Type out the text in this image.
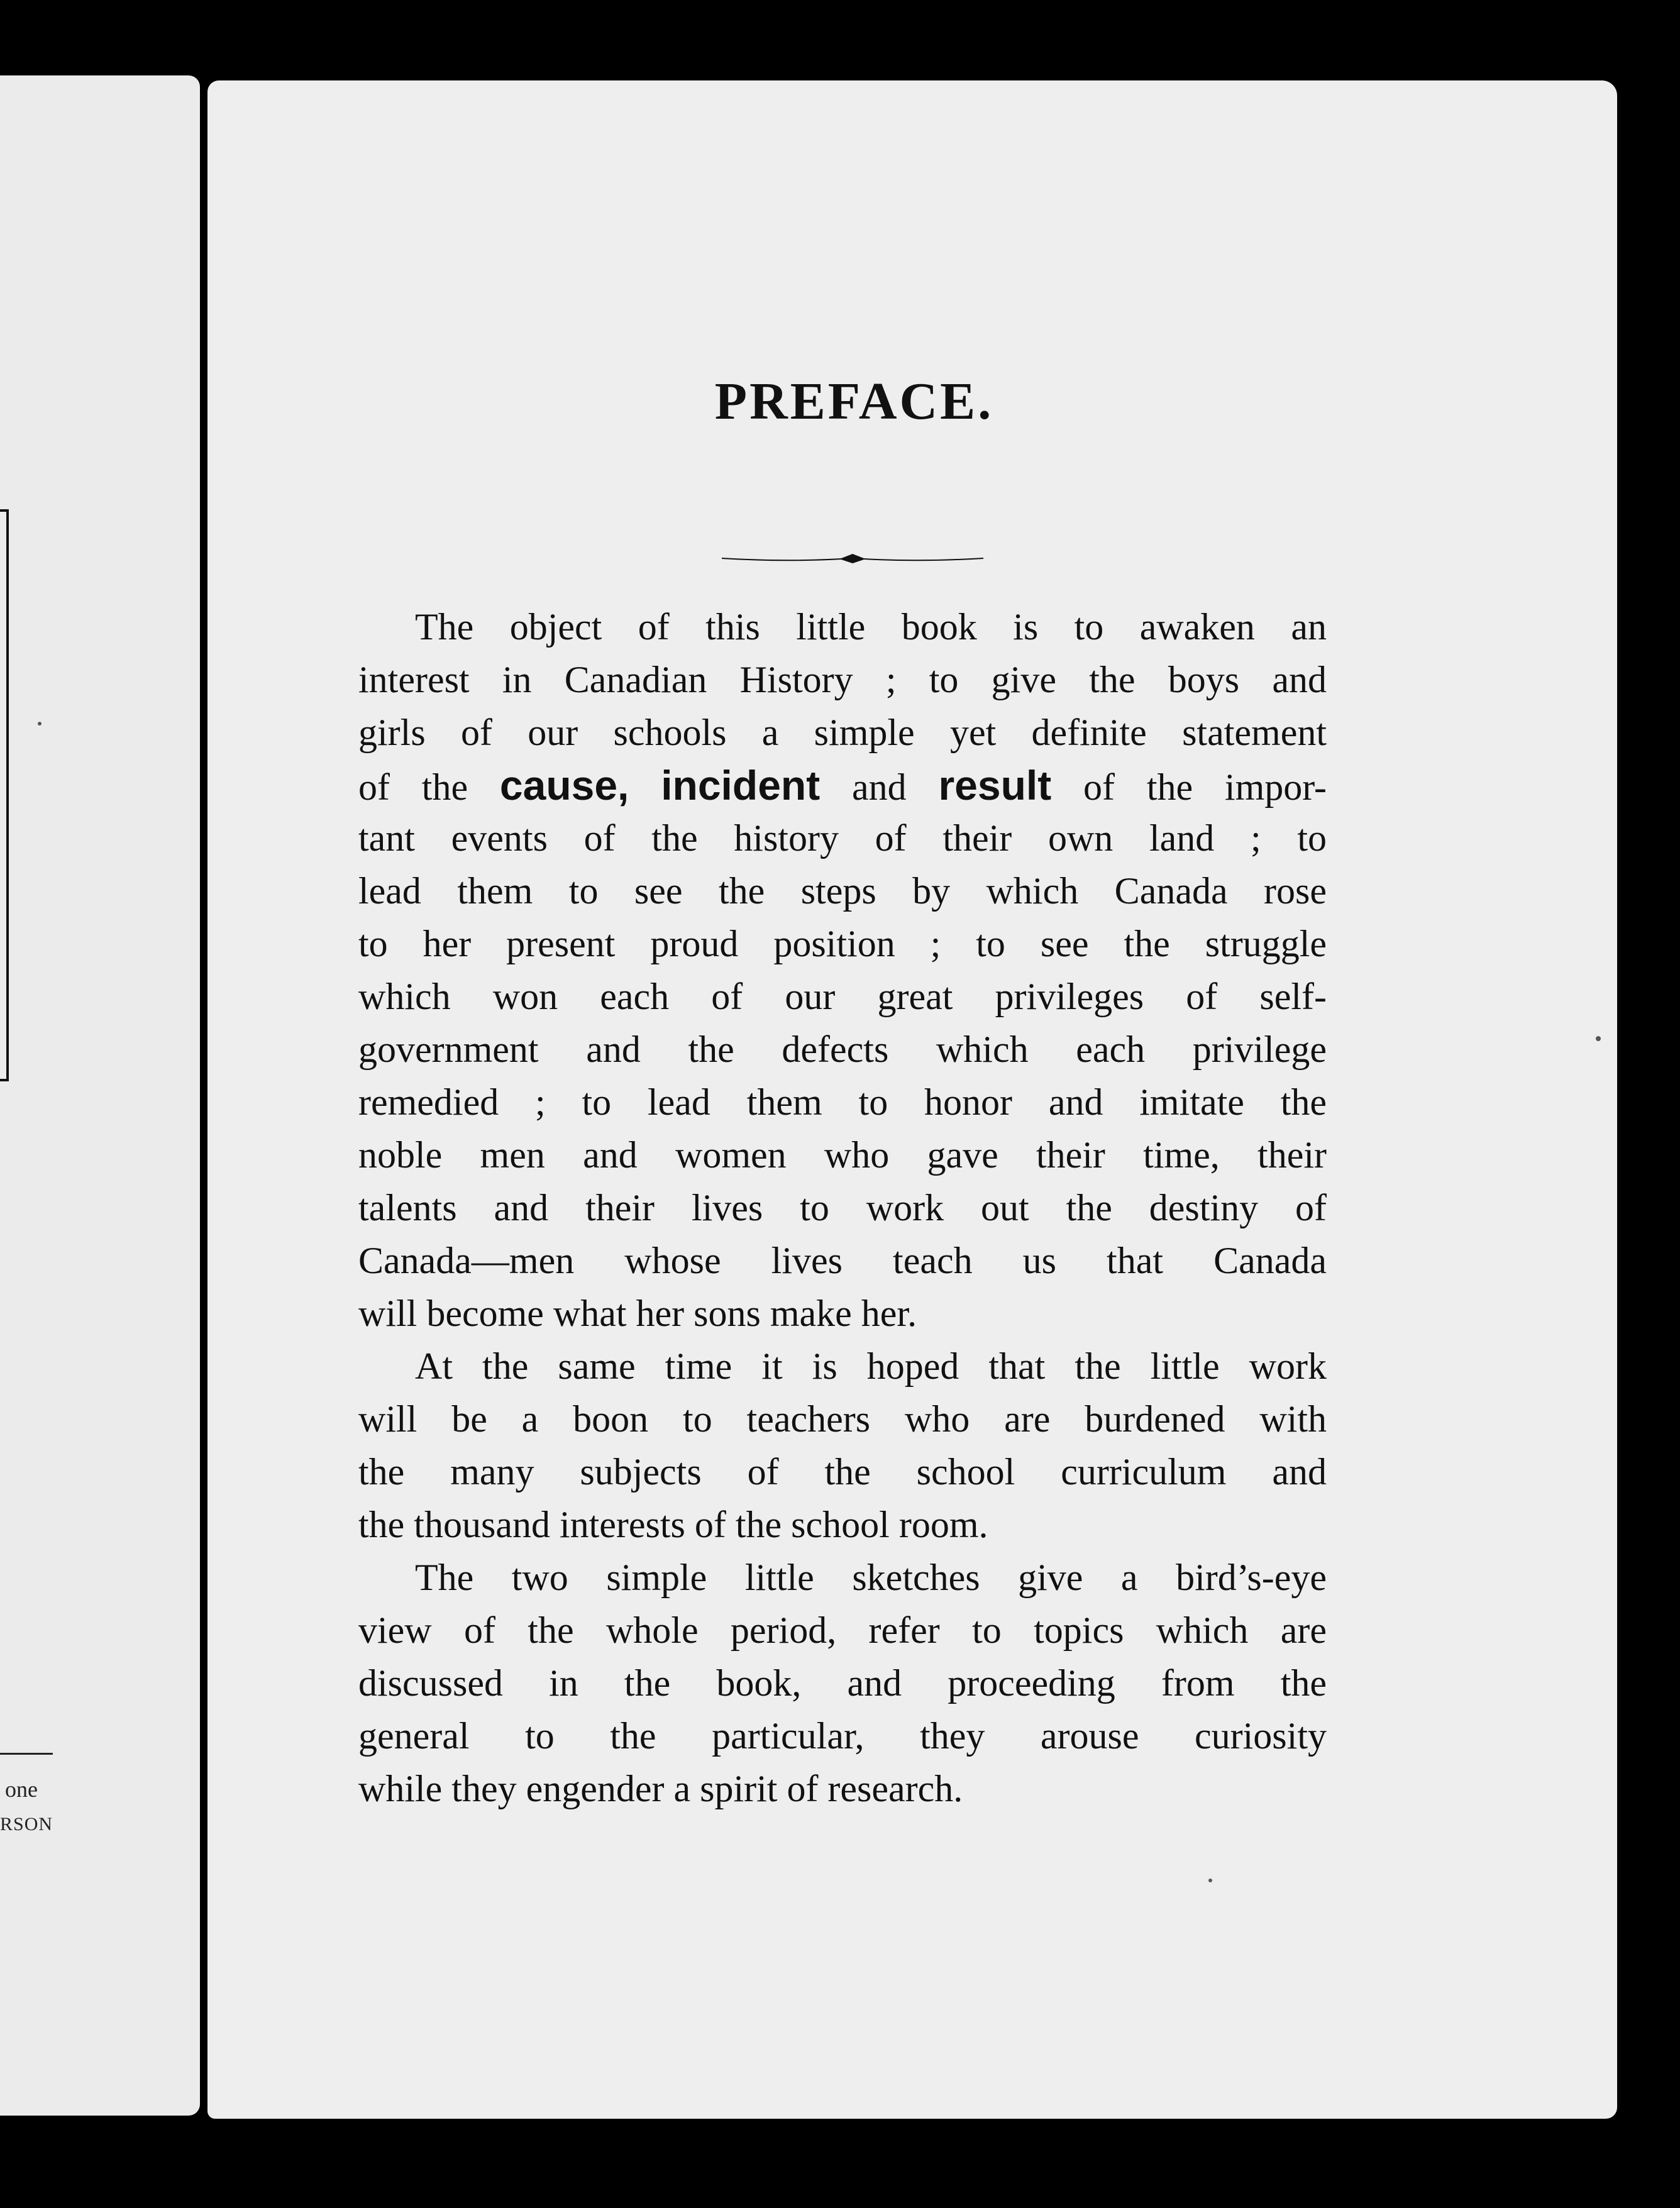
one
RSON
PREFACE.
The object of this little book is to awaken an
interest in Canadian History ; to give the boys and
girls of our schools a simple yet definite statement
of the cause, incident and result of the impor-
tant events of the history of their own land ; to
lead them to see the steps by which Canada rose
to her present proud position ; to see the struggle
which won each of our great privileges of self-
government and the defects which each privilege
remedied ; to lead them to honor and imitate the
noble men and women who gave their time, their
talents and their lives to work out the destiny of
Canada—men whose lives teach us that Canada
will become what her sons make her.
At the same time it is hoped that the little work
will be a boon to teachers who are burdened with
the many subjects of the school curriculum and
the thousand interests of the school room.
The two simple little sketches give a bird’s-eye
view of the whole period, refer to topics which are
discussed in the book, and proceeding from the
general to the particular, they arouse curiosity
while they engender a spirit of research.
